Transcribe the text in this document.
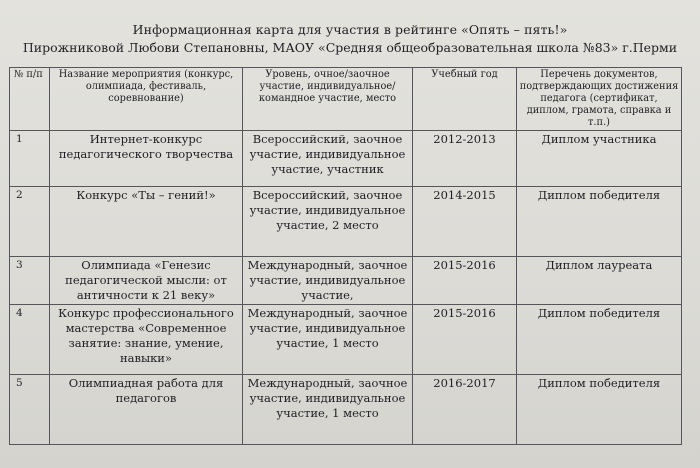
Информационная карта для участия в рейтинге «Опять – пять!»
Пирожниковой Любови Степановны, МАОУ «Средняя общеобразовательная школа №83» г.Перми
№ п/п	Название мероприятия (конкурс, олимпиада, фестиваль, соревнование)	Уровень, очное/заочное участие, индивидуальное/командное участие, место	Учебный год	Перечень документов, подтверждающих достижения педагога (сертификат, диплом, грамота, справка и т.п.)
1	Интернет-конкурс педагогического творчества	Всероссийский, заочное участие, индивидуальное участие, участник	2012-2013	Диплом участника
2	Конкурс «Ты – гений!»	Всероссийский, заочное участие, индивидуальное участие, 2 место	2014-2015	Диплом победителя
3	Олимпиада «Генезис педагогической мысли: от античности к 21 веку»	Международный, заочное участие, индивидуальное участие,	2015-2016	Диплом лауреата
4	Конкурс профессионального мастерства «Современное занятие: знание, умение, навыки»	Международный, заочное участие, индивидуальное участие, 1 место	2015-2016	Диплом победителя
5	Олимпиадная работа для педагогов	Международный, заочное участие, индивидуальное участие, 1 место	2016-2017	Диплом победителя
